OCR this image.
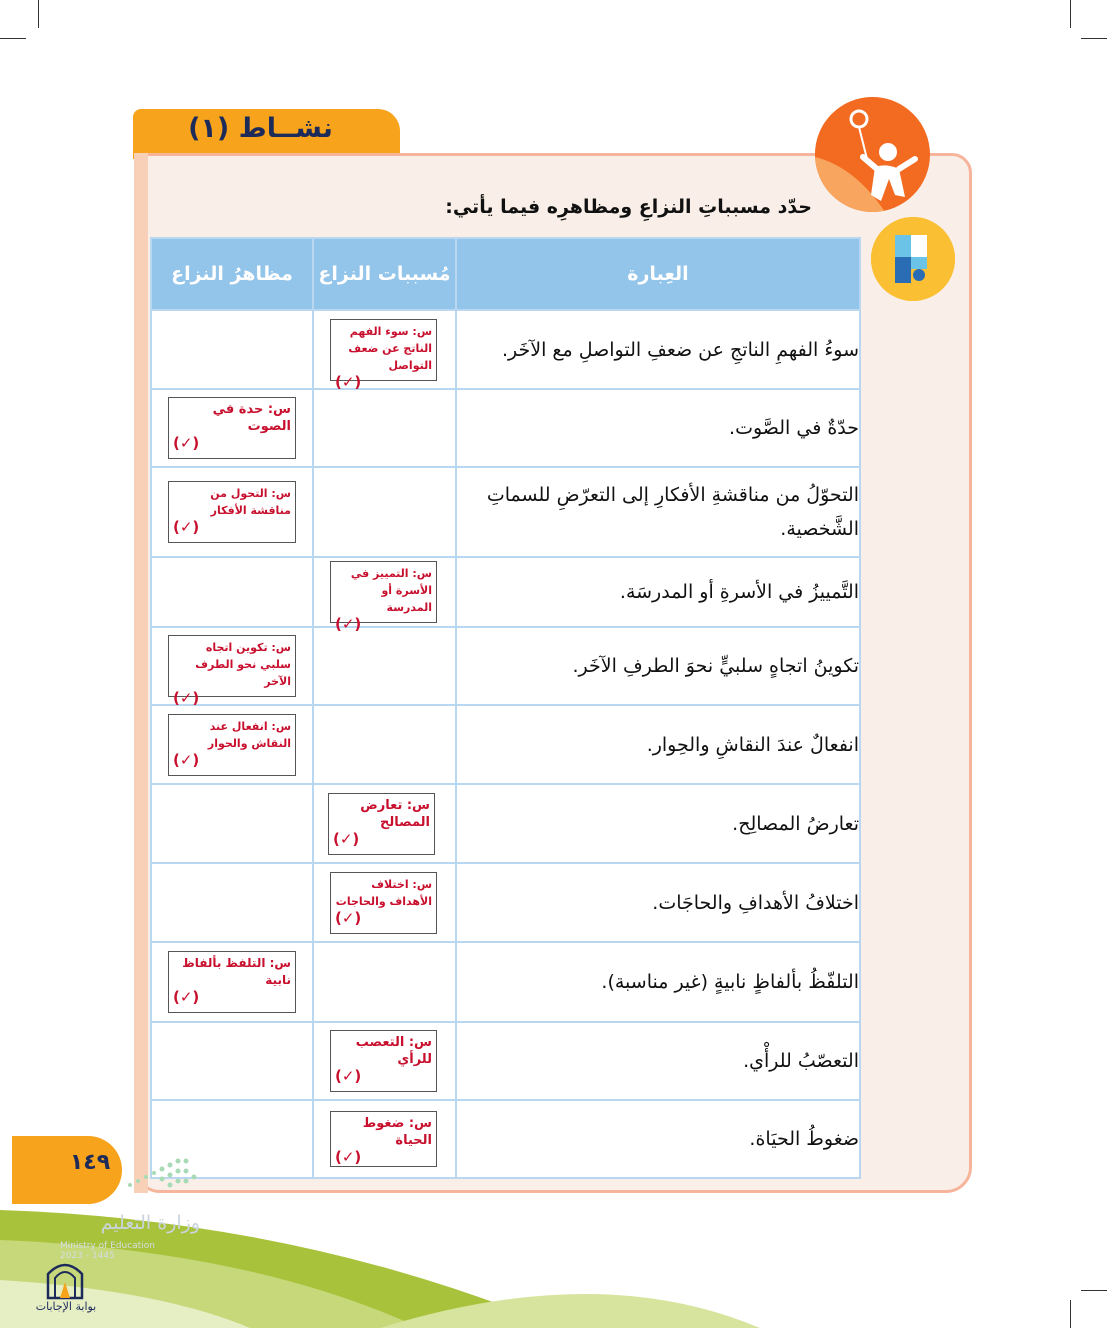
نشــاط (١)
حدّد مسبباتِ النزاعِ ومظاهرِه فيما يأتي:
العِبارة	مُسببات النزاع	مظاهرُ النزاع
سوءُ الفهمِ الناتجِ عن ضعفِ التواصلِ مع الآخَر.	س: سوء الفهم الناتج عن ضعف التواصل
(✓)	

حدّةٌ في الصَّوت.		س: حدة في الصوت
(✓)

التحوّلُ من مناقشةِ الأفكارِ إلى التعرّضِ للسماتِ الشَّخصية.		س: التحول من مناقشة الأفكار
(✓)

التَّمييزُ في الأسرةِ أو المدرسَة.	س: التمييز في الأسرة أو المدرسة
(✓)	

تكوينُ اتجاهٍ سلبيٍّ نحوَ الطرفِ الآخَر.		س: تكوين اتجاه سلبي نحو الطرف الآخر
(✓)

انفعالٌ عندَ النقاشِ والحِوار.		س: انفعال عند النقاش والحوار
(✓)

تعارضُ المصالِح.	س: تعارض المصالح
(✓)	

اختلافُ الأهدافِ والحاجَات.	س: اختلاف الأهداف والحاجات
(✓)	

التلفّظُ بألفاظٍ نابيةٍ (غير مناسبة).		س: التلفظ بألفاظ نابية
(✓)

التعصّبُ للرأْي.	س: التعصب للرأي
(✓)	

ضغوطُ الحيَاة.	س: ضغوط الحياة
(✓)	

١٤٩
وزارة التعليم
Ministry of Education
2023 - 1445
بوابة الإجابات
